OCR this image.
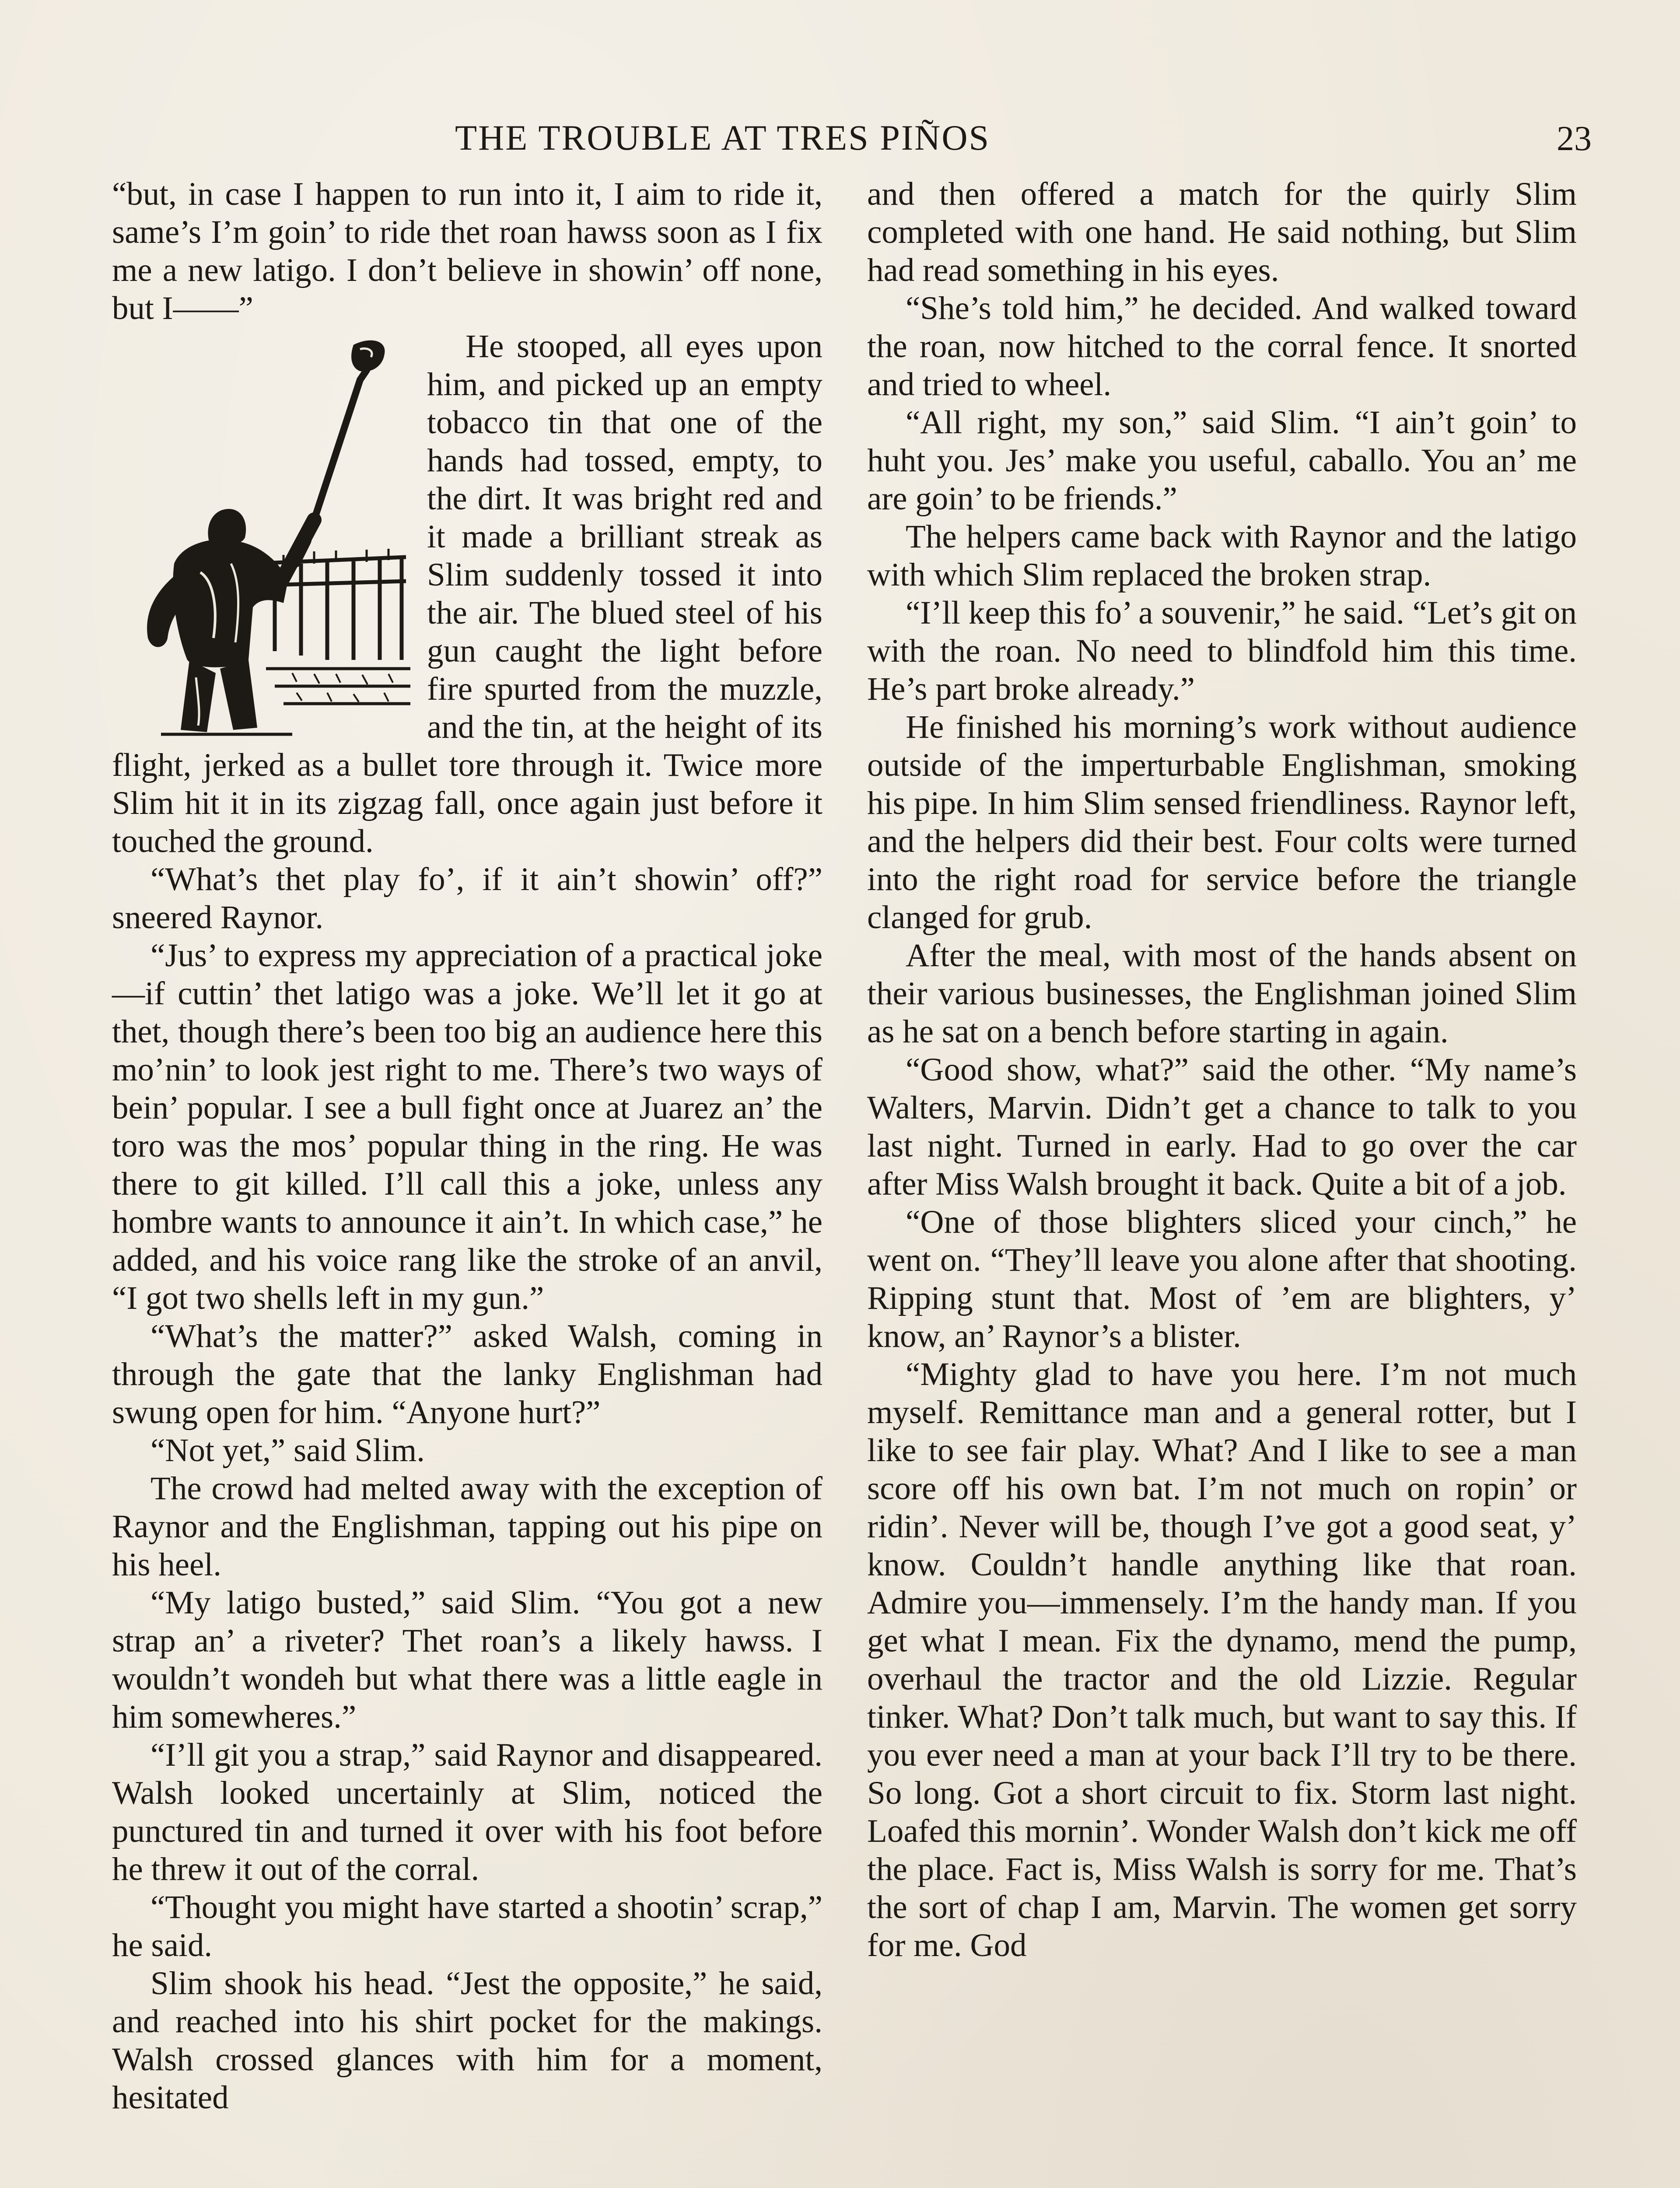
THE TROUBLE AT TRES PIÑOS	23

“but, in case I happen to run into it, I aim to ride it, same’s I’m goin’ to ride thet roan hawss soon as I fix me a new latigo. I don’t believe in showin’ off none, but I——”

He stooped, all eyes upon him, and picked up an empty tobacco tin that one of the hands had tossed, empty, to the dirt. It was bright red and it made a brilliant streak as Slim suddenly tossed it into the air. The blued steel of his gun caught the light before fire spurted from the muzzle, and the tin, at the height of its flight, jerked as a bullet tore through it. Twice more Slim hit it in its zigzag fall, once again just before it touched the ground.

“What’s thet play fo’, if it ain’t showin’ off?” sneered Raynor.

“Jus’ to express my appreciation of a practical joke—if cuttin’ thet latigo was a joke. We’ll let it go at thet, though there’s been too big an audience here this mo’nin’ to look jest right to me. There’s two ways of bein’ popular. I see a bull fight once at Juarez an’ the toro was the mos’ popular thing in the ring. He was there to git killed. I’ll call this a joke, unless any hombre wants to announce it ain’t. In which case,” he added, and his voice rang like the stroke of an anvil, “I got two shells left in my gun.”

“What’s the matter?” asked Walsh, coming in through the gate that the lanky Englishman had swung open for him. “Anyone hurt?”

“Not yet,” said Slim.

The crowd had melted away with the exception of Raynor and the Englishman, tapping out his pipe on his heel.

“My latigo busted,” said Slim. “You got a new strap an’ a riveter? Thet roan’s a likely hawss. I wouldn’t wondeh but what there was a little eagle in him somewheres.”

“I’ll git you a strap,” said Raynor and disappeared. Walsh looked uncertainly at Slim, noticed the punctured tin and turned it over with his foot before he threw it out of the corral.

“Thought you might have started a shootin’ scrap,” he said.

Slim shook his head. “Jest the opposite,” he said, and reached into his shirt pocket for the makings. Walsh crossed glances with him for a moment, hesitated

and then offered a match for the quirly Slim completed with one hand. He said nothing, but Slim had read something in his eyes.

“She’s told him,” he decided. And walked toward the roan, now hitched to the corral fence. It snorted and tried to wheel.

“All right, my son,” said Slim. “I ain’t goin’ to huht you. Jes’ make you useful, caballo. You an’ me are goin’ to be friends.”

The helpers came back with Raynor and the latigo with which Slim replaced the broken strap.

“I’ll keep this fo’ a souvenir,” he said. “Let’s git on with the roan. No need to blindfold him this time. He’s part broke already.”

He finished his morning’s work without audience outside of the imperturbable Englishman, smoking his pipe. In him Slim sensed friendliness. Raynor left, and the helpers did their best. Four colts were turned into the right road for service before the triangle clanged for grub.

After the meal, with most of the hands absent on their various businesses, the Englishman joined Slim as he sat on a bench before starting in again.

“Good show, what?” said the other. “My name’s Walters, Marvin. Didn’t get a chance to talk to you last night. Turned in early. Had to go over the car after Miss Walsh brought it back. Quite a bit of a job.

“One of those blighters sliced your cinch,” he went on. “They’ll leave you alone after that shooting. Ripping stunt that. Most of ’em are blighters, y’ know, an’ Raynor’s a blister.

“Mighty glad to have you here. I’m not much myself. Remittance man and a general rotter, but I like to see fair play. What? And I like to see a man score off his own bat. I’m not much on ropin’ or ridin’. Never will be, though I’ve got a good seat, y’ know. Couldn’t handle anything like that roan. Admire you—immensely. I’m the handy man. If you get what I mean. Fix the dynamo, mend the pump, overhaul the tractor and the old Lizzie. Regular tinker. What? Don’t talk much, but want to say this. If you ever need a man at your back I’ll try to be there. So long. Got a short circuit to fix. Storm last night. Loafed this mornin’. Wonder Walsh don’t kick me off the place. Fact is, Miss Walsh is sorry for me. That’s the sort of chap I am, Marvin. The women get sorry for me. God
